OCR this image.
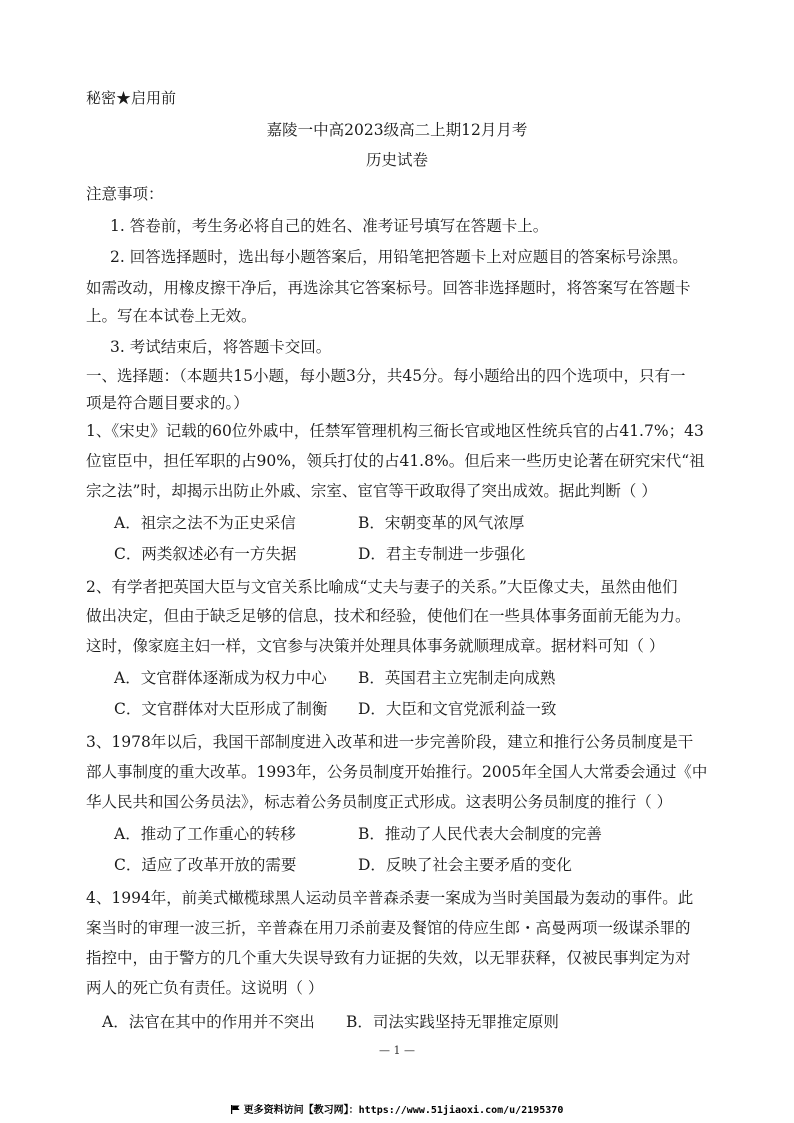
秘密★启用前
嘉陵一中高2023级高二上期12月月考
历史试卷
注意事项：
1. 答卷前，考生务必将自己的姓名、准考证号填写在答题卡上。
2. 回答选择题时，选出每小题答案后，用铅笔把答题卡上对应题目的答案标号涂黑。
如需改动，用橡皮擦干净后，再选涂其它答案标号。回答非选择题时，将答案写在答题卡
上。写在本试卷上无效。
3. 考试结束后，将答题卡交回。
一、选择题：（本题共15小题，每小题3分，共45分。每小题给出的四个选项中，只有一
项是符合题目要求的。）
1、《宋史》记载的60位外戚中，任禁军管理机构三衙长官或地区性统兵官的占41.7%；43
位宦臣中，担任军职的占90%，领兵打仗的占41.8%。但后来一些历史论著在研究宋代“祖
宗之法”时，却揭示出防止外戚、宗室、宦官等干政取得了突出成效。据此判断（ ）
A．祖宗之法不为正史采信	B．宋朝变革的风气浓厚
C．两类叙述必有一方失据	D．君主专制进一步强化
2、有学者把英国大臣与文官关系比喻成“丈夫与妻子的关系。”大臣像丈夫，虽然由他们
做出决定，但由于缺乏足够的信息，技术和经验，使他们在一些具体事务面前无能为力。
这时，像家庭主妇一样，文官参与决策并处理具体事务就顺理成章。据材料可知（ ）
A．文官群体逐渐成为权力中心 B．英国君主立宪制走向成熟
C．文官群体对大臣形成了制衡 D．大臣和文官党派利益一致
3、1978年以后，我国干部制度进入改革和进一步完善阶段，建立和推行公务员制度是干
部人事制度的重大改革。1993年，公务员制度开始推行。2005年全国人大常委会通过《中
华人民共和国公务员法》，标志着公务员制度正式形成。这表明公务员制度的推行（ ）
A．推动了工作重心的转移	B．推动了人民代表大会制度的完善
C．适应了改革开放的需要	D．反映了社会主要矛盾的变化
4、1994年，前美式橄榄球黑人运动员辛普森杀妻一案成为当时美国最为轰动的事件。此
案当时的审理一波三折，辛普森在用刀杀前妻及餐馆的侍应生郎・高曼两项一级谋杀罪的
指控中，由于警方的几个重大失误导致有力证据的失效，以无罪获释，仅被民事判定为对
两人的死亡负有责任。这说明（ ）
A．法官在其中的作用并不突出 B．司法实践坚持无罪推定原则
— 1 —
更多资料访问【教习网】：https://www.51jiaoxi.com/u/2195370
